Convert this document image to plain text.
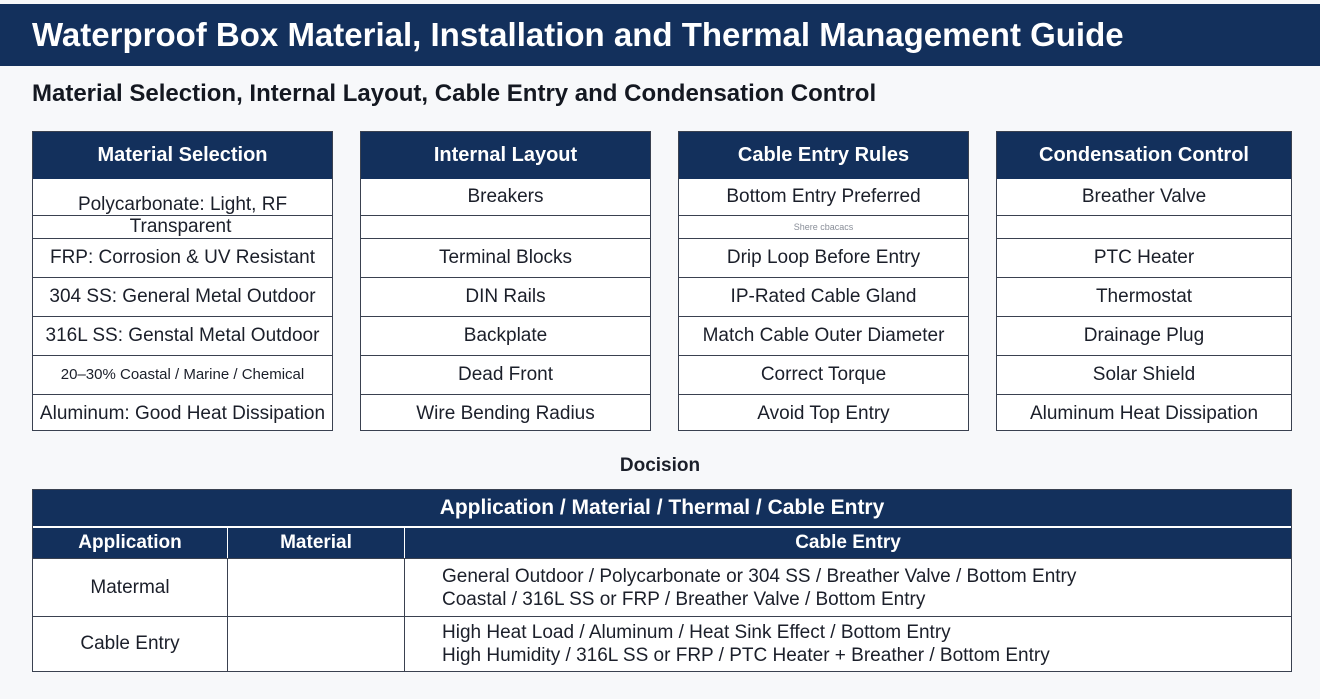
Waterproof Box Material, Installation and Thermal Management Guide
Material Selection, Internal Layout, Cable Entry and Condensation Control
Material Selection
Polycarbonate: Light, RF
Transparent
FRP: Corrosion & UV Resistant
304 SS: General Metal Outdoor
316L SS: Genstal Metal Outdoor
20–30% Coastal / Marine / Chemical
Aluminum: Good Heat Dissipation
Internal Layout
Breakers
Terminal Blocks
DIN Rails
Backplate
Dead Front
Wire Bending Radius
Cable Entry Rules
Bottom Entry Preferred
Shere cbacacs
Drip Loop Before Entry
IP-Rated Cable Gland
Match Cable Outer Diameter
Correct Torque
Avoid Top Entry
Condensation Control
Breather Valve
PTC Heater
Thermostat
Drainage Plug
Solar Shield
Aluminum Heat Dissipation
Docision
Application / Material / Thermal / Cable Entry
Application	Material	Cable Entry
Matermal
General Outdoor / Polycarbonate or 304 SS / Breather Valve / Bottom Entry
Coastal / 316L SS or FRP / Breather Valve / Bottom Entry
Cable Entry
High Heat Load / Aluminum / Heat Sink Effect / Bottom Entry
High Humidity / 316L SS or FRP / PTC Heater + Breather / Bottom Entry
